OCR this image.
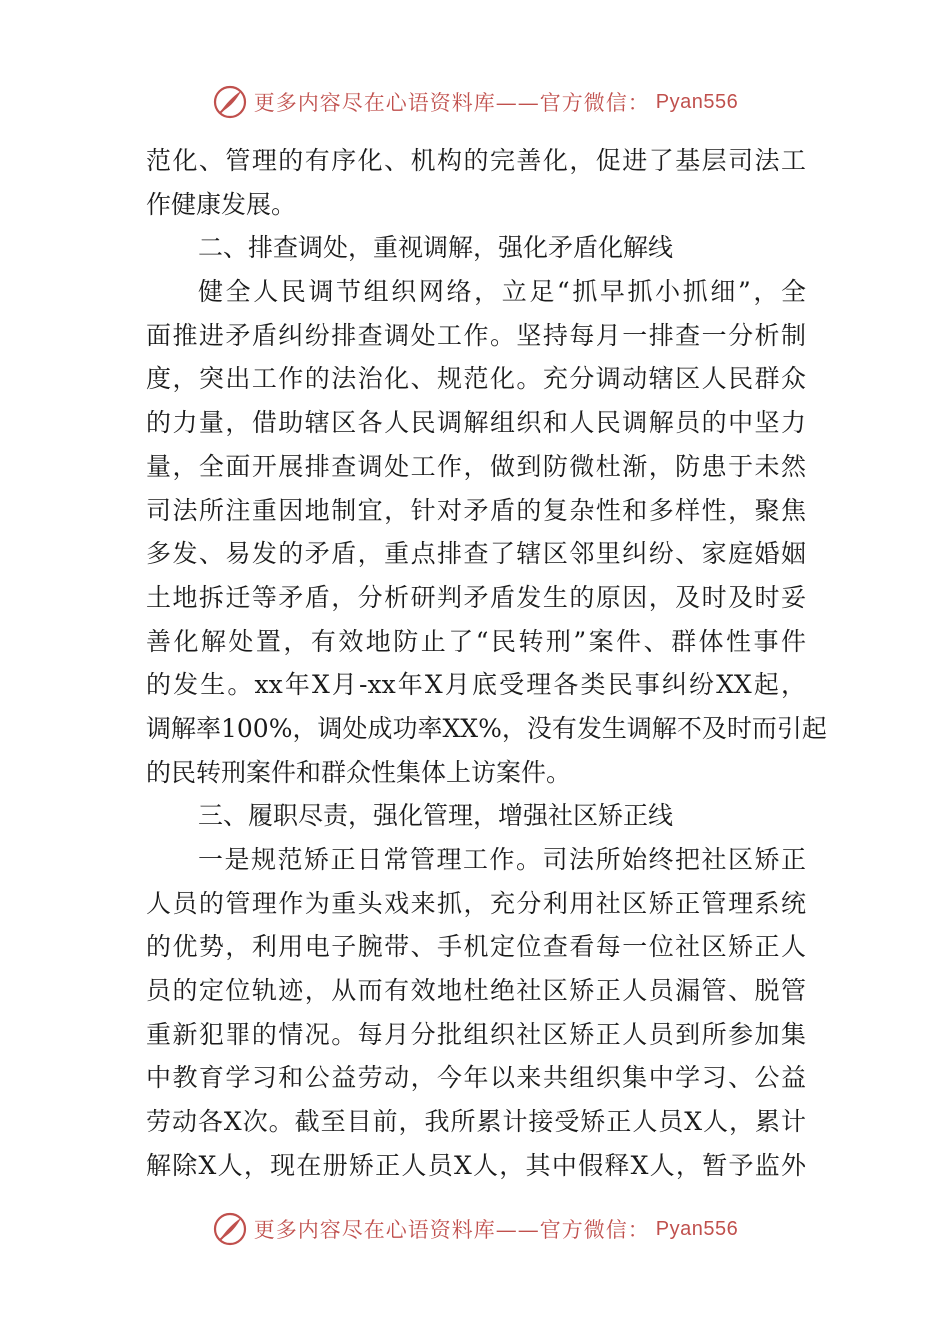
更多内容尽在心语资料库——官方微信： Pyan556
范化、管理的有序化、机构的完善化，促进了基层司法工
作健康发展。
二、排查调处，重视调解，强化矛盾化解线
健全人民调节组织网络，立足“抓早抓小抓细”，全
面推进矛盾纠纷排查调处工作。坚持每月一排查一分析制
度，突出工作的法治化、规范化。充分调动辖区人民群众
的力量，借助辖区各人民调解组织和人民调解员的中坚力
量，全面开展排查调处工作，做到防微杜渐，防患于未然
司法所注重因地制宜，针对矛盾的复杂性和多样性，聚焦
多发、易发的矛盾，重点排查了辖区邻里纠纷、家庭婚姻
土地拆迁等矛盾，分析研判矛盾发生的原因，及时及时妥
善化解处置，有效地防止了“民转刑”案件、群体性事件
的发生。xx年X月-xx年X月底受理各类民事纠纷XX起，
调解率100%，调处成功率XX%，没有发生调解不及时而引起
的民转刑案件和群众性集体上访案件。
三、履职尽责，强化管理，增强社区矫正线
一是规范矫正日常管理工作。司法所始终把社区矫正
人员的管理作为重头戏来抓，充分利用社区矫正管理系统
的优势，利用电子腕带、手机定位查看每一位社区矫正人
员的定位轨迹，从而有效地杜绝社区矫正人员漏管、脱管
重新犯罪的情况。每月分批组织社区矫正人员到所参加集
中教育学习和公益劳动，今年以来共组织集中学习、公益
劳动各X次。截至目前，我所累计接受矫正人员X人，累计
解除X人，现在册矫正人员X人，其中假释X人，暂予监外
更多内容尽在心语资料库——官方微信： Pyan556
